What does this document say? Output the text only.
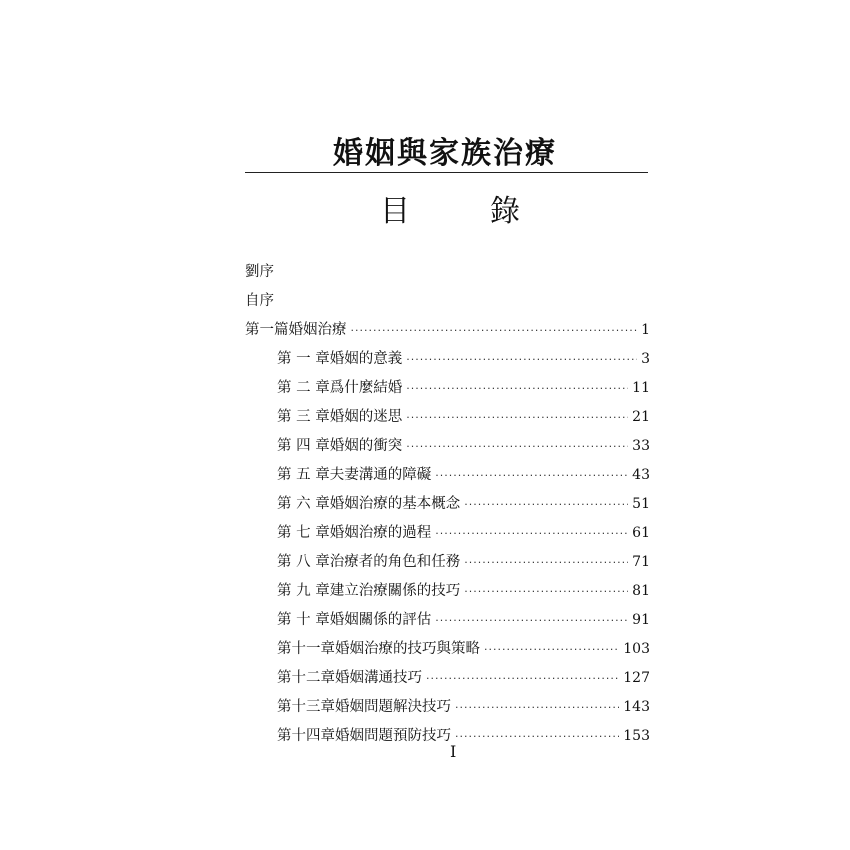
婚姻與家族治療
目	錄
劉序
自序
第一篇 婚姻治療 ·····	1
第 一 章 婚姻的意義 ·····	3
第 二 章 爲什麼結婚 ·····	11
第 三 章 婚姻的迷思 ·····	21
第 四 章 婚姻的衝突 ·····	33
第 五 章 夫妻溝通的障礙 ·····	43
第 六 章 婚姻治療的基本概念 ·····	51
第 七 章 婚姻治療的過程 ·····	61
第 八 章 治療者的角色和任務 ·····	71
第 九 章 建立治療關係的技巧 ·····	81
第 十 章 婚姻關係的評估 ·····	91
第十一章 婚姻治療的技巧與策略 ·····	103
第十二章 婚姻溝通技巧 ·····	127
第十三章 婚姻問題解決技巧 ·····	143
第十四章 婚姻問題預防技巧 ·····	153
I
